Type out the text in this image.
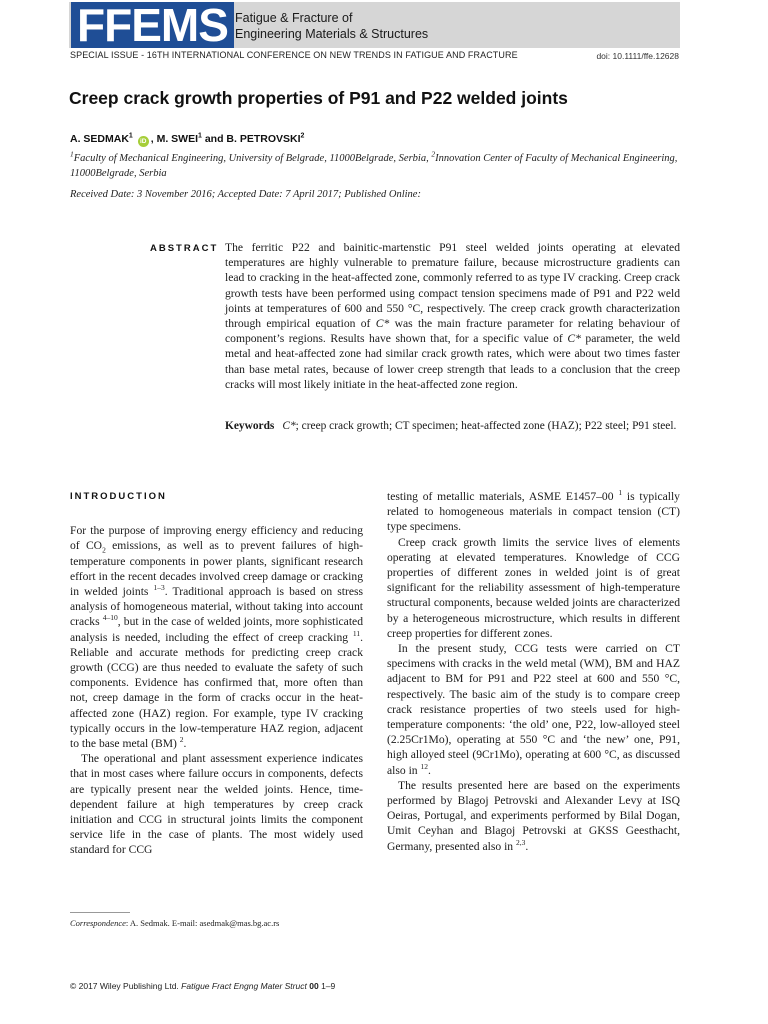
FFEMS Fatigue & Fracture of
Engineering Materials & Structures
SPECIAL ISSUE - 16TH INTERNATIONAL CONFERENCE ON NEW TRENDS IN FATIGUE AND FRACTURE	doi: 10.1111/ffe.12628
Creep crack growth properties of P91 and P22 welded joints
A. SEDMAK$^1$ iD , M. SWEI$^1$ and B. PETROVSKI$^2$
$^1$Faculty of Mechanical Engineering, University of Belgrade, 11000Belgrade, Serbia, $^2$Innovation Center of Faculty of Mechanical Engineering, 11000Belgrade, Serbia
Received Date: 3 November 2016; Accepted Date: 7 April 2017; Published Online:
ABSTRACT The ferritic P22 and bainitic-martenstic P91 steel welded joints operating at elevated temperatures are highly vulnerable to premature failure, because microstructure gradients can lead to cracking in the heat-affected zone, commonly referred to as type IV cracking. Creep crack growth tests have been performed using compact tension specimens made of P91 and P22 weld joints at temperatures of 600 and 550 °C, respectively. The creep crack growth characterization through empirical equation of C* was the main fracture parameter for relating behaviour of component’s regions. Results have shown that, for a specific value of C* parameter, the weld metal and heat-affected zone had similar crack growth rates, which were about two times faster than base metal rates, because of lower creep strength that leads to a conclusion that the creep cracks will most likely initiate in the heat-affected zone region.

Keywords C*; creep crack growth; CT specimen; heat-affected zone (HAZ); P22 steel; P91 steel.
INTRODUCTION

For the purpose of improving energy efficiency and reducing of $CO_2$ emissions, as well as to prevent failures of high-temperature components in power plants, significant research effort in the recent decades involved creep damage or cracking in welded joints $^{1-3}$. Traditional approach is based on stress analysis of homogeneous material, without taking into account cracks $^{4-10}$, but in the case of welded joints, more sophisticated analysis is needed, including the effect of creep cracking $^{11}$. Reliable and accurate methods for predicting creep crack growth (CCG) are thus needed to evaluate the safety of such components. Evidence has confirmed that, more often than not, creep damage in the form of cracks occur in the heat-affected zone (HAZ) region. For example, type IV cracking typically occurs in the low-temperature HAZ region, adjacent to the base metal (BM) $^2$.

The operational and plant assessment experience indicates that in most cases where failure occurs in components, defects are typically present near the welded joints. Hence, time-dependent failure at high temperatures by creep crack initiation and CCG in structural joints limits the component service life in the case of plants. The most widely used standard for CCG

testing of metallic materials, ASME E1457–00 $^1$ is typically related to homogeneous materials in compact tension (CT) type specimens.

Creep crack growth limits the service lives of elements operating at elevated temperatures. Knowledge of CCG properties of different zones in welded joint is of great significant for the reliability assessment of high-temperature structural components, because welded joints are characterized by a heterogeneous microstructure, which results in different creep properties for different zones.

In the present study, CCG tests were carried on CT specimens with cracks in the weld metal (WM), BM and HAZ adjacent to BM for P91 and P22 steel at 600 and 550 °C, respectively. The basic aim of the study is to compare creep crack resistance properties of two steels used for high-temperature components: ‘the old’ one, P22, low-alloyed steel (2.25Cr1Mo), operating at 550 °C and ‘the new’ one, P91, high alloyed steel (9Cr1Mo), operating at 600 °C, as discussed also in $^{12}$.

The results presented here are based on the experiments performed by Blagoj Petrovski and Alexander Levy at ISQ Oeiras, Portugal, and experiments performed by Bilal Dogan, Umit Ceyhan and Blagoj Petrovski at GKSS Geesthacht, Germany, presented also in $^{2,3}$.

Correspondence: A. Sedmak. E-mail: asedmak@mas.bg.ac.rs
© 2017 Wiley Publishing Ltd. Fatigue Fract Engng Mater Struct 00 1–9
